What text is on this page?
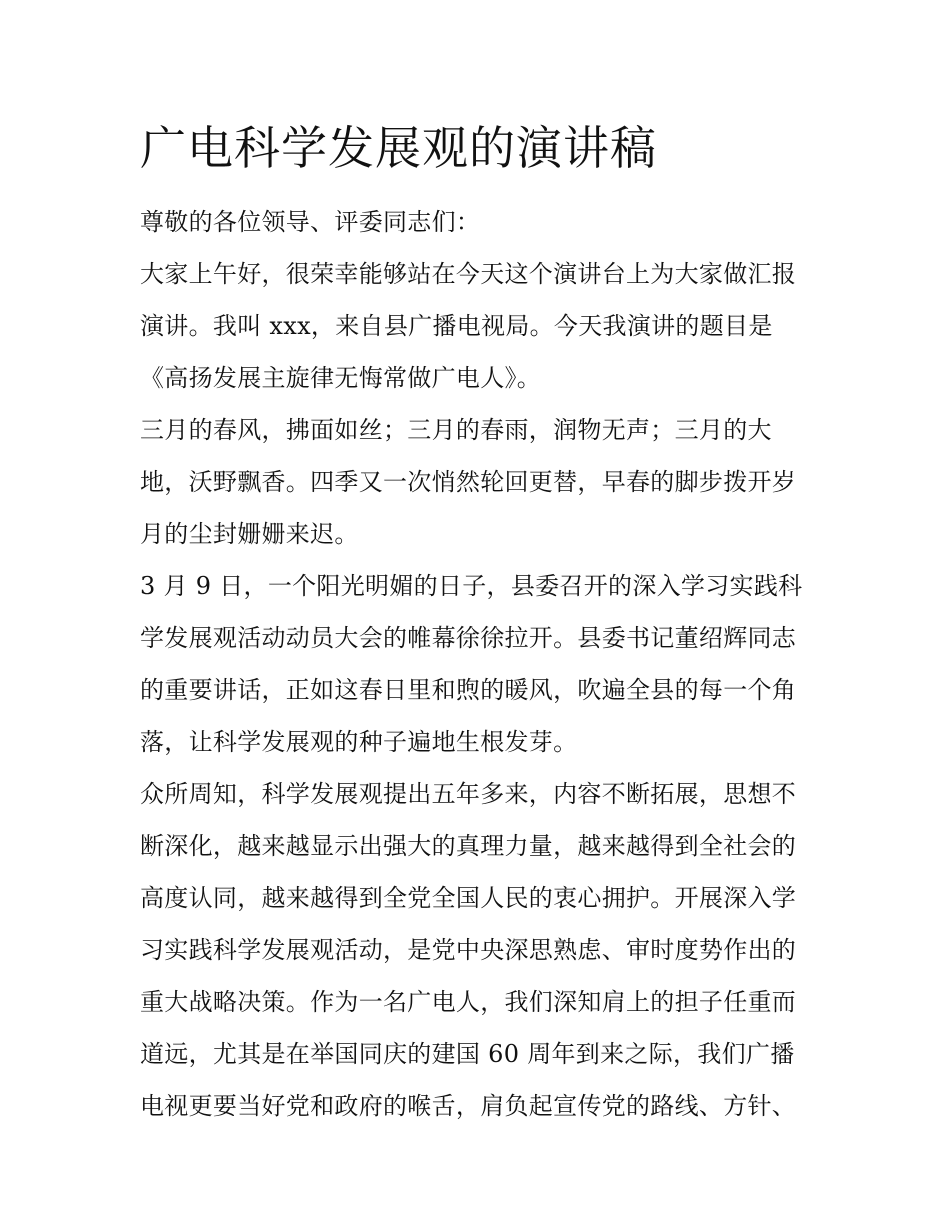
广电科学发展观的演讲稿
尊敬的各位领导、评委同志们：
大家上午好，很荣幸能够站在今天这个演讲台上为大家做汇报
演讲。我叫 xxx，来自县广播电视局。今天我演讲的题目是
《高扬发展主旋律无悔常做广电人》。
三月的春风，拂面如丝；三月的春雨，润物无声；三月的大
地，沃野飘香。四季又一次悄然轮回更替，早春的脚步拨开岁
月的尘封姗姗来迟。
3 月 9 日，一个阳光明媚的日子，县委召开的深入学习实践科
学发展观活动动员大会的帷幕徐徐拉开。县委书记董绍辉同志
的重要讲话，正如这春日里和煦的暖风，吹遍全县的每一个角
落，让科学发展观的种子遍地生根发芽。
众所周知，科学发展观提出五年多来，内容不断拓展，思想不
断深化，越来越显示出强大的真理力量，越来越得到全社会的
高度认同，越来越得到全党全国人民的衷心拥护。开展深入学
习实践科学发展观活动，是党中央深思熟虑、审时度势作出的
重大战略决策。作为一名广电人，我们深知肩上的担子任重而
道远，尤其是在举国同庆的建国 60 周年到来之际，我们广播
电视更要当好党和政府的喉舌，肩负起宣传党的路线、方针、
